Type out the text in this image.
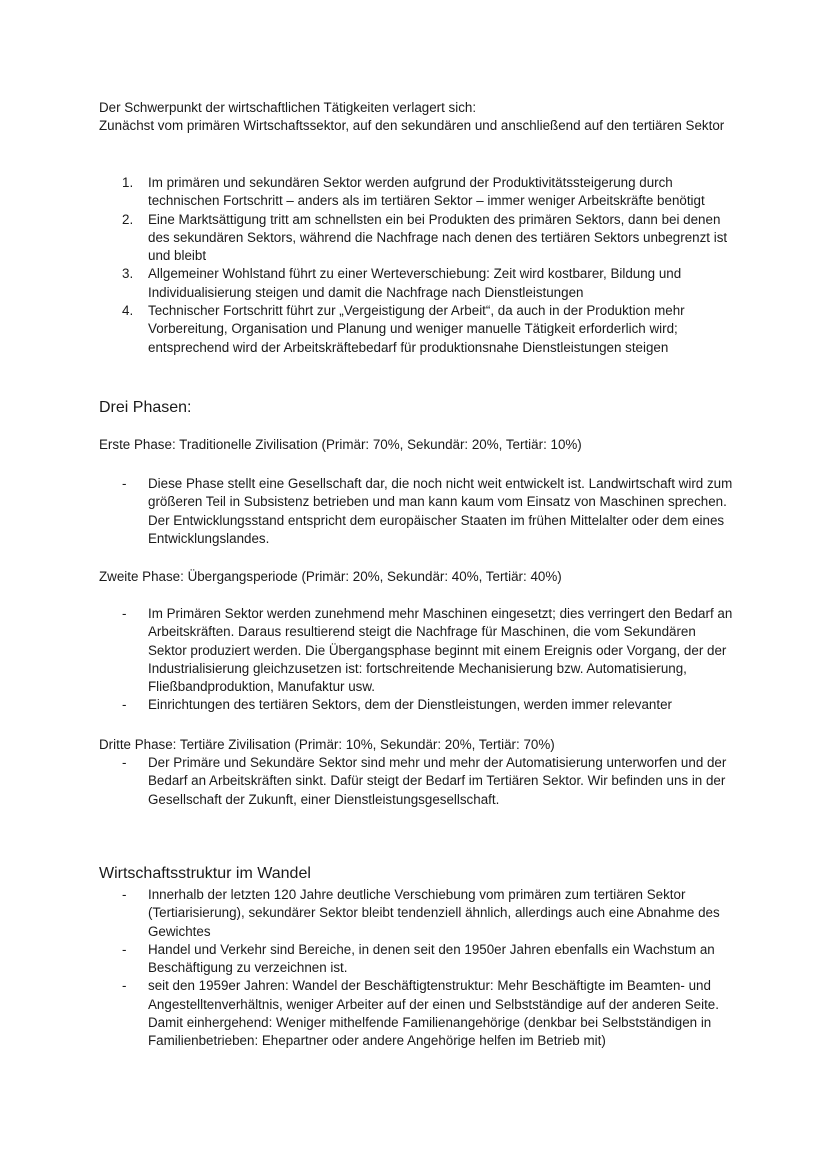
Der Schwerpunkt der wirtschaftlichen Tätigkeiten verlagert sich:
Zunächst vom primären Wirtschaftssektor, auf den sekundären und anschließend auf den tertiären Sektor
1.	Im primären und sekundären Sektor werden aufgrund der Produktivitätssteigerung durch technischen Fortschritt – anders als im tertiären Sektor – immer weniger Arbeitskräfte benötigt
2.	Eine Marktsättigung tritt am schnellsten ein bei Produkten des primären Sektors, dann bei denen des sekundären Sektors, während die Nachfrage nach denen des tertiären Sektors unbegrenzt ist und bleibt
3.	Allgemeiner Wohlstand führt zu einer Werteverschiebung: Zeit wird kostbarer, Bildung und Individualisierung steigen und damit die Nachfrage nach Dienstleistungen
4.	Technischer Fortschritt führt zur „Vergeistigung der Arbeit“, da auch in der Produktion mehr Vorbereitung, Organisation und Planung und weniger manuelle Tätigkeit erforderlich wird; entsprechend wird der Arbeitskräftebedarf für produktionsnahe Dienstleistungen steigen
Drei Phasen:
Erste Phase: Traditionelle Zivilisation (Primär: 70%, Sekundär: 20%, Tertiär: 10%)
-	Diese Phase stellt eine Gesellschaft dar, die noch nicht weit entwickelt ist. Landwirtschaft wird zum größeren Teil in Subsistenz betrieben und man kann kaum vom Einsatz von Maschinen sprechen. Der Entwicklungsstand entspricht dem europäischer Staaten im frühen Mittelalter oder dem eines Entwicklungslandes.
Zweite Phase: Übergangsperiode (Primär: 20%, Sekundär: 40%, Tertiär: 40%)
-	Im Primären Sektor werden zunehmend mehr Maschinen eingesetzt; dies verringert den Bedarf an Arbeitskräften. Daraus resultierend steigt die Nachfrage für Maschinen, die vom Sekundären Sektor produziert werden. Die Übergangsphase beginnt mit einem Ereignis oder Vorgang, der der Industrialisierung gleichzusetzen ist: fortschreitende Mechanisierung bzw. Automatisierung, Fließbandproduktion, Manufaktur usw.
-	Einrichtungen des tertiären Sektors, dem der Dienstleistungen, werden immer relevanter
Dritte Phase: Tertiäre Zivilisation (Primär: 10%, Sekundär: 20%, Tertiär: 70%)
-	Der Primäre und Sekundäre Sektor sind mehr und mehr der Automatisierung unterworfen und der Bedarf an Arbeitskräften sinkt. Dafür steigt der Bedarf im Tertiären Sektor. Wir befinden uns in der Gesellschaft der Zukunft, einer Dienstleistungsgesellschaft.
Wirtschaftsstruktur im Wandel
-	Innerhalb der letzten 120 Jahre deutliche Verschiebung vom primären zum tertiären Sektor (Tertiarisierung), sekundärer Sektor bleibt tendenziell ähnlich, allerdings auch eine Abnahme des Gewichtes
-	Handel und Verkehr sind Bereiche, in denen seit den 1950er Jahren ebenfalls ein Wachstum an Beschäftigung zu verzeichnen ist.
-	seit den 1959er Jahren: Wandel der Beschäftigtenstruktur: Mehr Beschäftigte im Beamten- und Angestelltenverhältnis, weniger Arbeiter auf der einen und Selbstständige auf der anderen Seite.
Damit einhergehend: Weniger mithelfende Familienangehörige (denkbar bei Selbstständigen in Familienbetrieben: Ehepartner oder andere Angehörige helfen im Betrieb mit)
